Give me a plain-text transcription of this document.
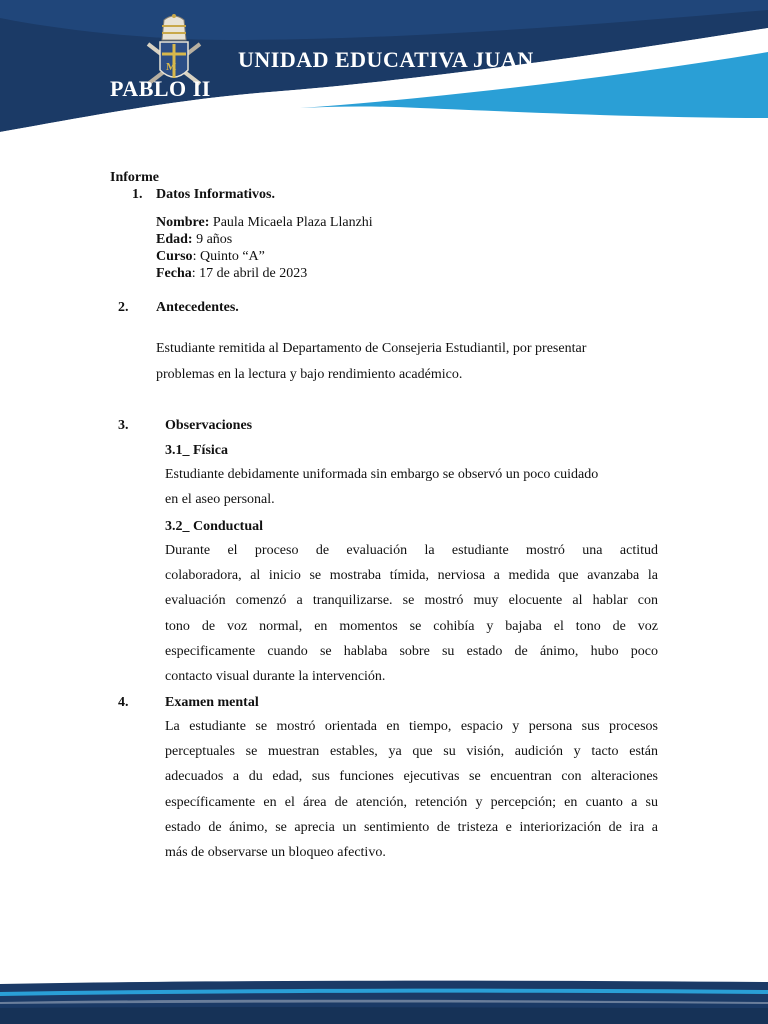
M	UNIDAD EDUCATIVA JUAN
PABLO II
Informe
1. Datos Informativos.
Nombre: Paula Micaela Plaza Llanzhi
Edad: 9 años
Curso: Quinto “A”
Fecha: 17 de abril de 2023
2. Antecedentes.
Estudiante remitida al Departamento de Consejeria Estudiantil, por presentar
problemas en la lectura y bajo rendimiento académico.
3.	Observaciones
3.1_ Física

Estudiante debidamente uniformada sin embargo se observó un poco cuidado

en el aseo personal.

3.2_ Conductual

Durante el proceso de evaluación la estudiante mostró una actitud

colaboradora, al inicio se mostraba tímida, nerviosa a medida que avanzaba la

evaluación comenzó a tranquilizarse. se mostró muy elocuente al hablar con

tono de voz normal, en momentos se cohibía y bajaba el tono de voz

especificamente cuando se hablaba sobre su estado de ánimo, hubo poco

contacto visual durante la intervención.

4.	Examen mental

La estudiante se mostró orientada en tiempo, espacio y persona sus procesos

perceptuales se muestran estables, ya que su visión, audición y tacto están

adecuados a du edad, sus funciones ejecutivas se encuentran con alteraciones

específicamente en el área de atención, retención y percepción; en cuanto a su

estado de ánimo, se aprecia un sentimiento de tristeza e interiorización de ira a

más de observarse un bloqueo afectivo.
